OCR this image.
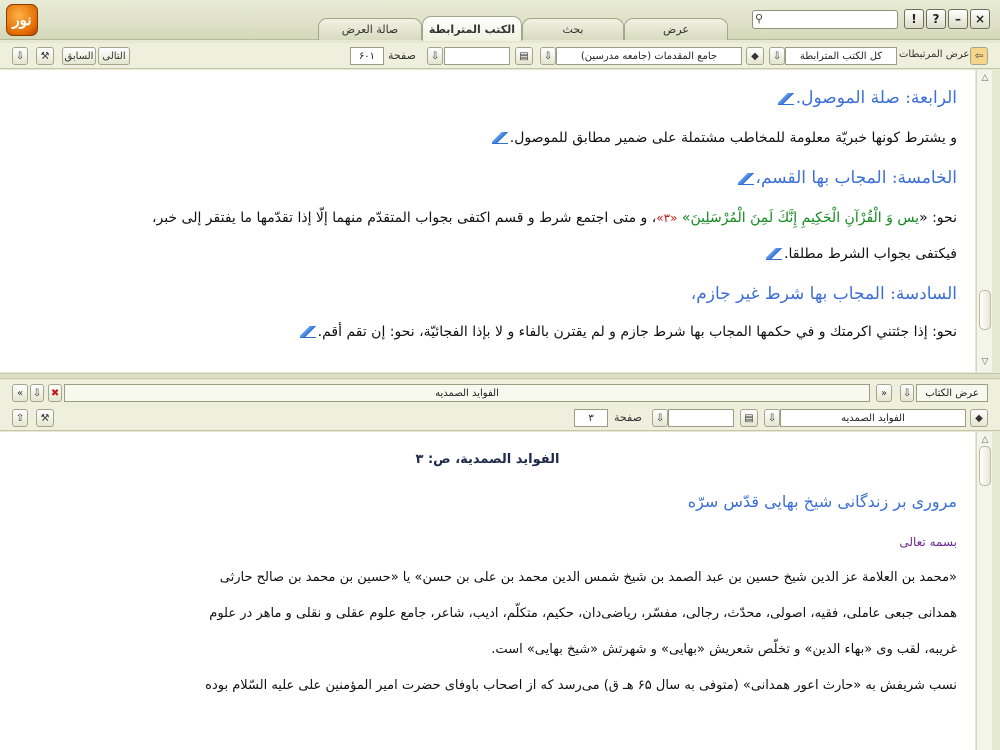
نور
صالة العرض	الكتب المترابطة	بحث	عرض
⚲	!	?	–	×
⇩	⚒	السابق التالى	۶۰۱	صفحة	⇩	▤	⇩	جامع المقدمات (جامعه مدرسين)	◆	⇩	كل الكتب المترابطة	عرض المرتبطات ⇦
الرابعة: صلة الموصول.
و يشترط كونها خبريّة معلومة للمخاطب مشتملة على ضمير مطابق للموصول.
الخامسة: المجاب بها القسم،
نحو: «يس وَ الْقُرْآنِ الْحَكِيمِ إِنَّكَ لَمِنَ الْمُرْسَلِينَ» «٣»، و متى اجتمع شرط و قسم اكتفى بجواب المتقدّم منهما إلّا إذا تقدّمها ما يفتقر إلى خبر،
فيكتفى بجواب الشرط مطلقا.
السادسة: المجاب بها شرط غير جازم،
نحو: إذا جئتني اكرمتك و في حكمها المجاب بها شرط جازم و لم يقترن بالفاء و لا بإذا الفجائيّة، نحو: إن تقم أقم.
△
▽
« ⇩ ✖	الفوايد الصمديه	»	⇩	عرض الكتاب
⇧	⚒	٣	صفحة	⇩	▤	⇩	الفوايد الصمديه	◆
مرورى بر زندگانى شيخ بهايى قدّس سرّه
بسمه تعالى
«محمد بن العلامة عز الدين شيخ حسين بن عبد الصمد بن شيخ شمس الدين محمد بن على بن حسن» يا «حسين بن محمد بن صالح حارثى
همدانى جبعى عاملى، فقيه، اصولى، محدّث، رجالى، مفسّر، رياضى‌دان، حكيم، متكلّم، اديب، شاعر، جامع علوم عقلى و نقلى و ماهر در علوم
غريبه، لقب وى «بهاء الدين» و تخلّص شعريش «بهايى» و شهرتش «شيخ بهايى» است.
نسب شريفش به «حارث اعور همدانى» (متوفى به سال ۶۵ هـ ق) مى‌رسد كه از اصحاب باوفاى حضرت امير المؤمنين على عليه السّلام بوده
الفوايد الصمدية، ص: ٣
△
